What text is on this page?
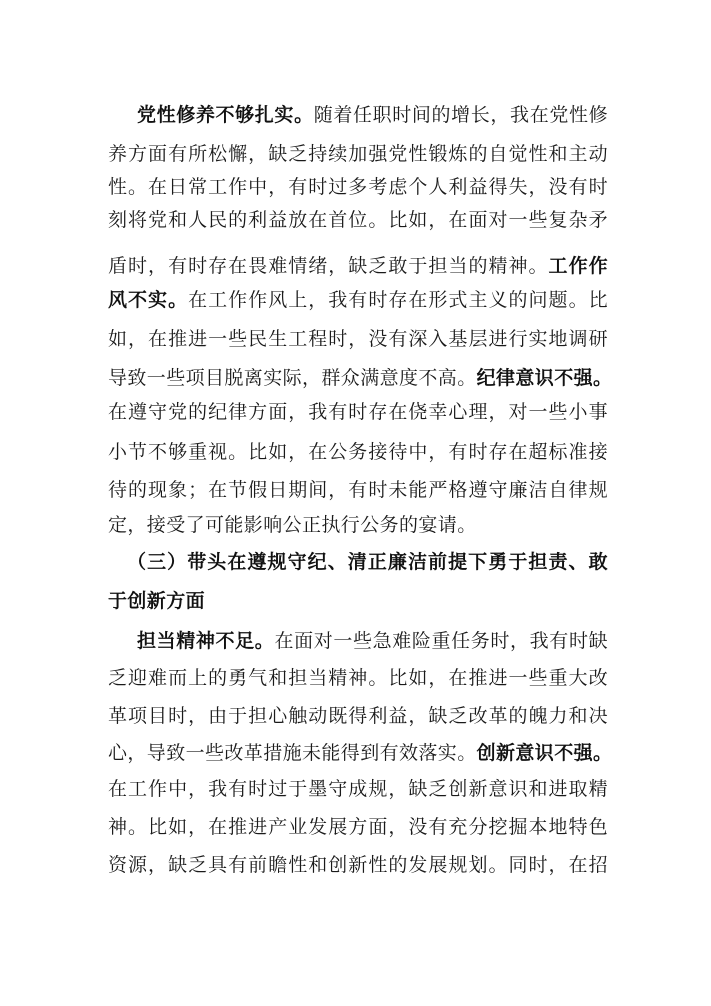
党性修养不够扎实。随着任职时间的增长，我在党性修

养方面有所松懈，缺乏持续加强党性锻炼的自觉性和主动

性。在日常工作中，有时过多考虑个人利益得失，没有时

刻将党和人民的利益放在首位。比如，在面对一些复杂矛

盾时，有时存在畏难情绪，缺乏敢于担当的精神。工作作

风不实。在工作作风上，我有时存在形式主义的问题。比

如，在推进一些民生工程时，没有深入基层进行实地调研

导致一些项目脱离实际，群众满意度不高。纪律意识不强。

在遵守党的纪律方面，我有时存在侥幸心理，对一些小事

小节不够重视。比如，在公务接待中，有时存在超标准接

待的现象；在节假日期间，有时未能严格遵守廉洁自律规

定，接受了可能影响公正执行公务的宴请。

（三）带头在遵规守纪、清正廉洁前提下勇于担责、敢

于创新方面

担当精神不足。在面对一些急难险重任务时，我有时缺

乏迎难而上的勇气和担当精神。比如，在推进一些重大改

革项目时，由于担心触动既得利益，缺乏改革的魄力和决

心，导致一些改革措施未能得到有效落实。创新意识不强。

在工作中，我有时过于墨守成规，缺乏创新意识和进取精

神。比如，在推进产业发展方面，没有充分挖掘本地特色

资源，缺乏具有前瞻性和创新性的发展规划。同时，在招
